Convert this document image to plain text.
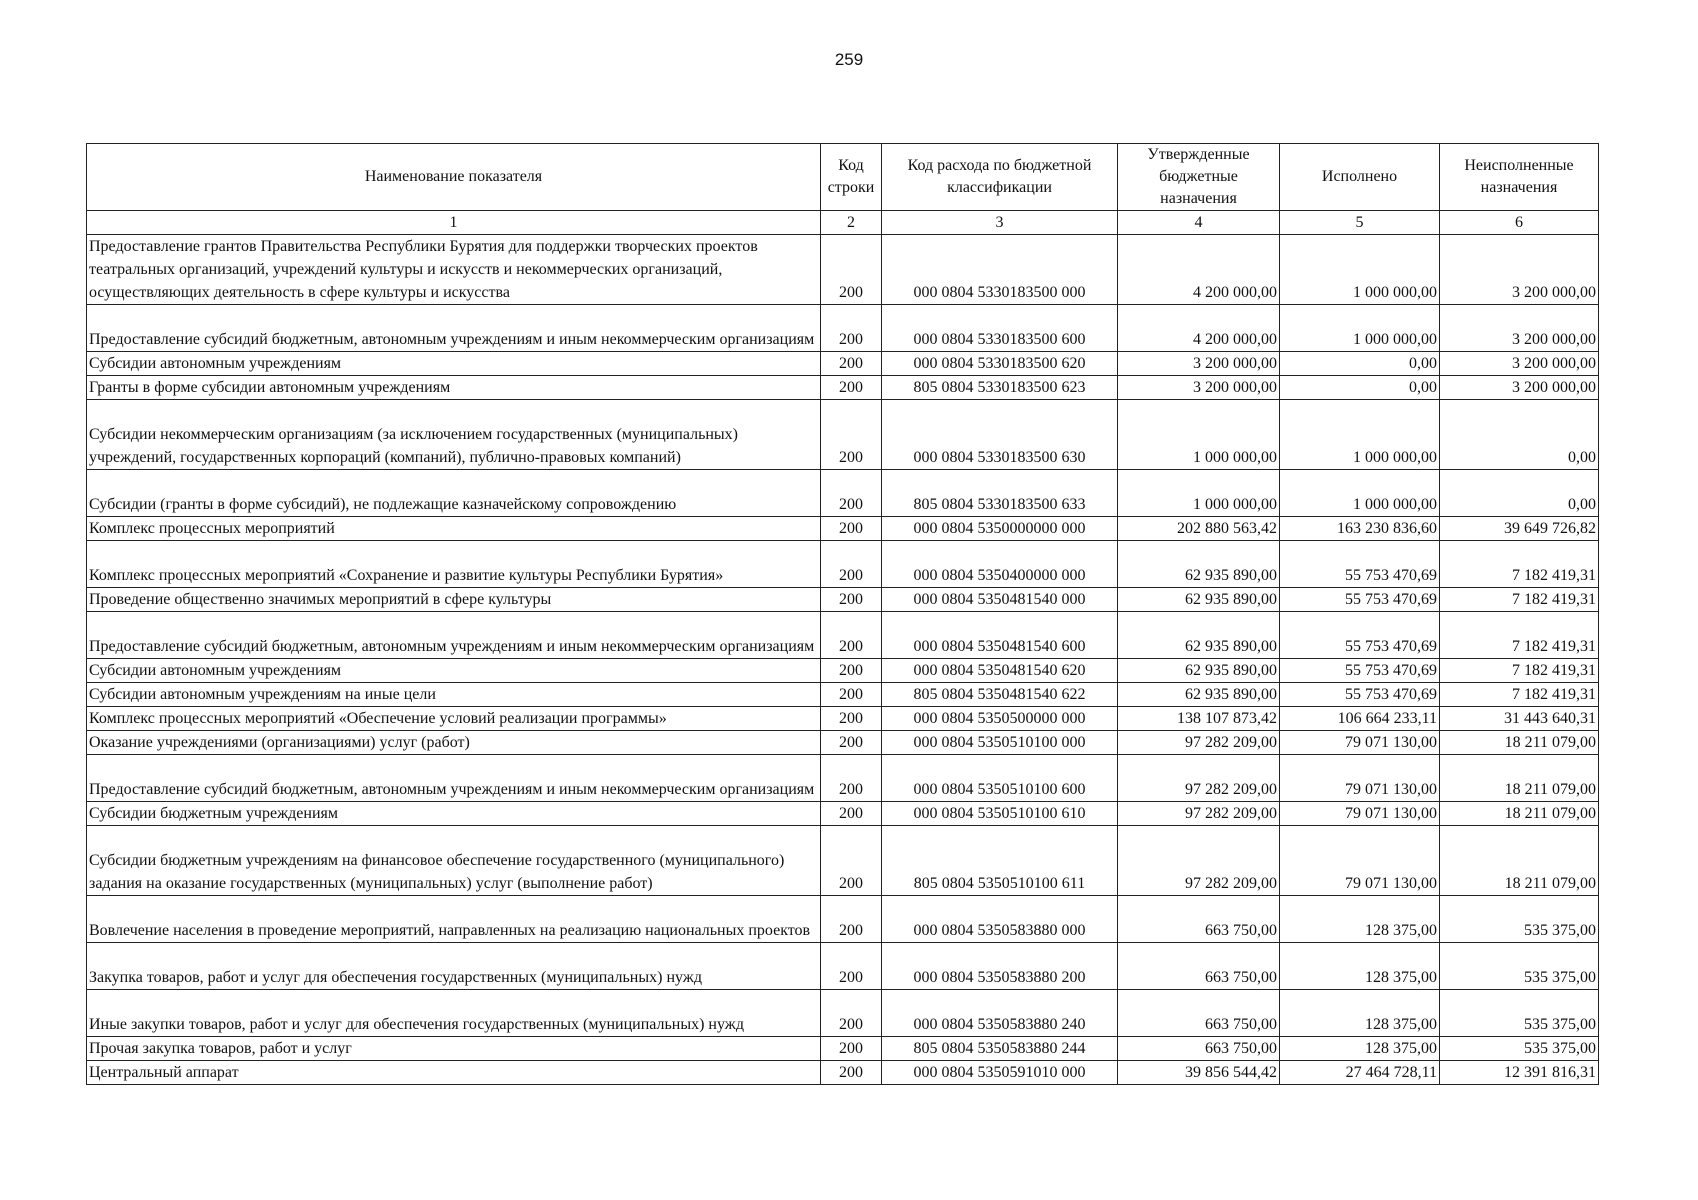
259
Наименование показателя	Код строки	Код расхода по бюджетной классификации	Утвержденные бюджетные назначения	Исполнено	Неисполненные назначения
1	2	3	4	5	6
Предоставление грантов Правительства Республики Бурятия для поддержки творческих проектов театральных организаций, учреждений культуры и искусств и некоммерческих организаций, осуществляющих деятельность в сфере культуры и искусства	200	000 0804 5330183500 000	4 200 000,00	1 000 000,00	3 200 000,00
Предоставление субсидий бюджетным, автономным учреждениям и иным некоммерческим организациям	200	000 0804 5330183500 600	4 200 000,00	1 000 000,00	3 200 000,00
Субсидии автономным учреждениям	200	000 0804 5330183500 620	3 200 000,00	0,00	3 200 000,00
Гранты в форме субсидии автономным учреждениям	200	805 0804 5330183500 623	3 200 000,00	0,00	3 200 000,00
Субсидии некоммерческим организациям (за исключением государственных (муниципальных) учреждений, государственных корпораций (компаний), публично-правовых компаний)	200	000 0804 5330183500 630	1 000 000,00	1 000 000,00	0,00
Субсидии (гранты в форме субсидий), не подлежащие казначейскому сопровождению	200	805 0804 5330183500 633	1 000 000,00	1 000 000,00	0,00
Комплекс процессных мероприятий	200	000 0804 5350000000 000	202 880 563,42	163 230 836,60	39 649 726,82
Комплекс процессных мероприятий «Сохранение и развитие культуры Республики Бурятия»	200	000 0804 5350400000 000	62 935 890,00	55 753 470,69	7 182 419,31
Проведение общественно значимых мероприятий в сфере культуры	200	000 0804 5350481540 000	62 935 890,00	55 753 470,69	7 182 419,31
Предоставление субсидий бюджетным, автономным учреждениям и иным некоммерческим организациям	200	000 0804 5350481540 600	62 935 890,00	55 753 470,69	7 182 419,31
Субсидии автономным учреждениям	200	000 0804 5350481540 620	62 935 890,00	55 753 470,69	7 182 419,31
Субсидии автономным учреждениям на иные цели	200	805 0804 5350481540 622	62 935 890,00	55 753 470,69	7 182 419,31
Комплекс процессных мероприятий «Обеспечение условий реализации программы»	200	000 0804 5350500000 000	138 107 873,42	106 664 233,11	31 443 640,31
Оказание учреждениями (организациями) услуг (работ)	200	000 0804 5350510100 000	97 282 209,00	79 071 130,00	18 211 079,00
Предоставление субсидий бюджетным, автономным учреждениям и иным некоммерческим организациям	200	000 0804 5350510100 600	97 282 209,00	79 071 130,00	18 211 079,00
Субсидии бюджетным учреждениям	200	000 0804 5350510100 610	97 282 209,00	79 071 130,00	18 211 079,00
Субсидии бюджетным учреждениям на финансовое обеспечение государственного (муниципального) задания на оказание государственных (муниципальных) услуг (выполнение работ)	200	805 0804 5350510100 611	97 282 209,00	79 071 130,00	18 211 079,00
Вовлечение населения в проведение мероприятий, направленных на реализацию национальных проектов	200	000 0804 5350583880 000	663 750,00	128 375,00	535 375,00
Закупка товаров, работ и услуг для обеспечения государственных (муниципальных) нужд	200	000 0804 5350583880 200	663 750,00	128 375,00	535 375,00
Иные закупки товаров, работ и услуг для обеспечения государственных (муниципальных) нужд	200	000 0804 5350583880 240	663 750,00	128 375,00	535 375,00
Прочая закупка товаров, работ и услуг	200	805 0804 5350583880 244	663 750,00	128 375,00	535 375,00
Центральный аппарат	200	000 0804 5350591010 000	39 856 544,42	27 464 728,11	12 391 816,31
